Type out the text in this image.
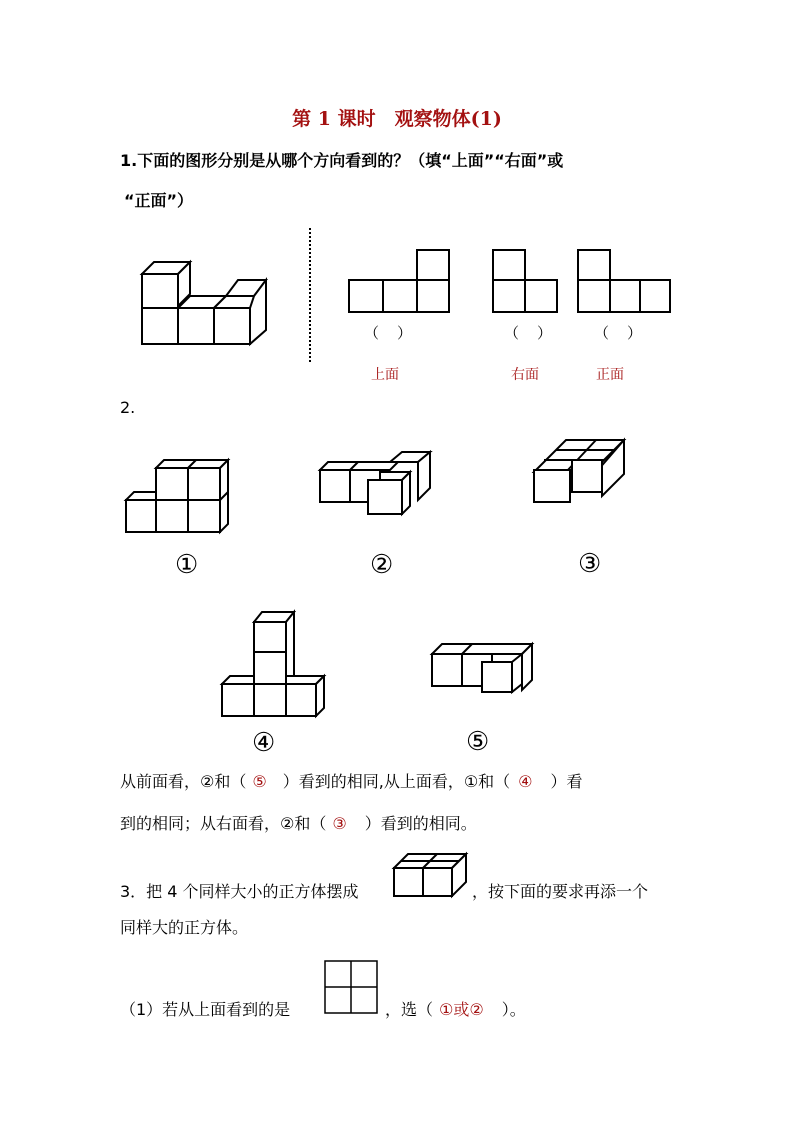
第 1 课时　观察物体(1)
1.下面的图形分别是从哪个方向看到的？（填“上面”“右面”或
“正面”）
（ ）	（ ）	（ ）
上面	右面	正面
2.
①	②	③
④	⑤
从前面看，②和（ ⑤ ）看到的相同,从上面看，①和（ ④ ）看
到的相同；从右面看，②和（ ③ ）看到的相同。
3．把 4 个同样大小的正方体摆成	，按下面的要求再添一个
同样大的正方体。
（1）若从上面看到的是	，选（ ①或② ）。
